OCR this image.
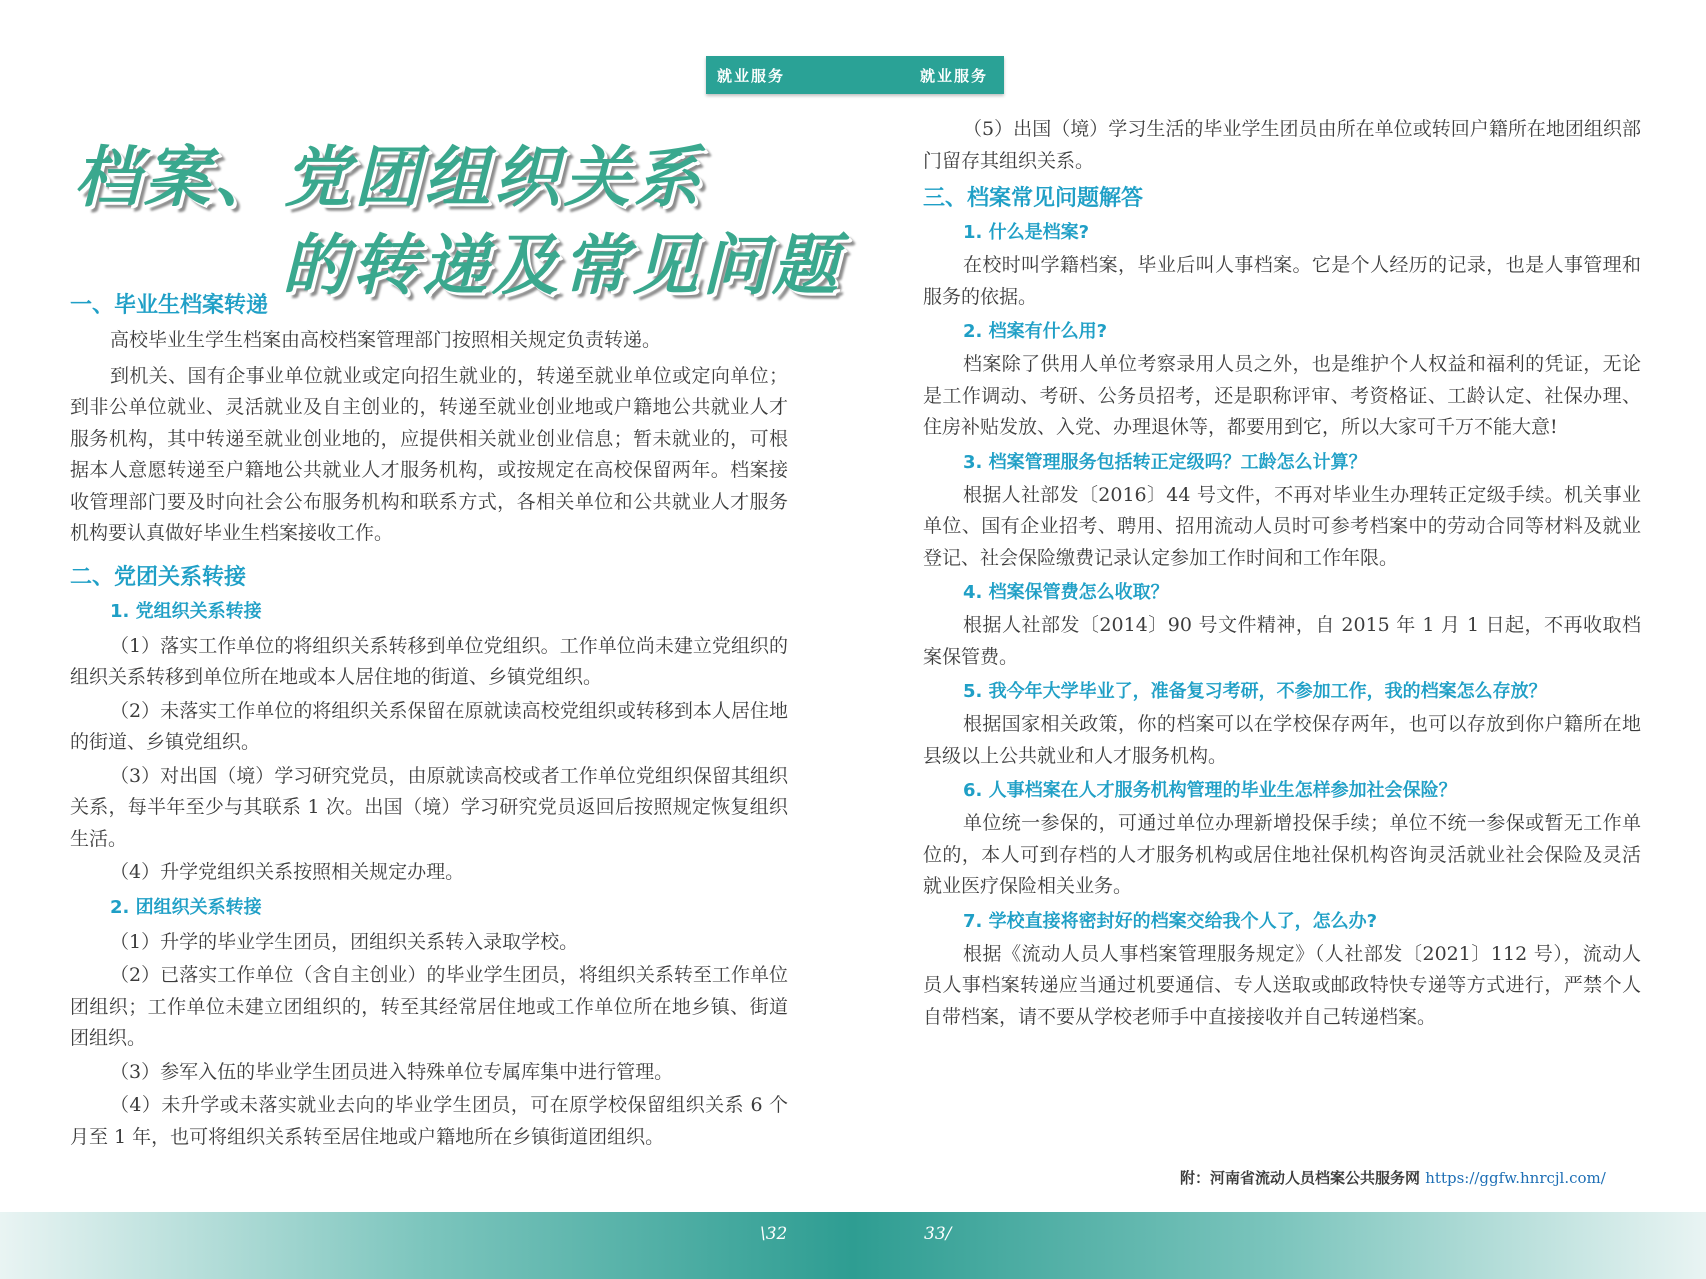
就业服务	就业服务
档案、党团组织关系
的转递及常见问题

一、毕业生档案转递

高校毕业生学生档案由高校档案管理部门按照相关规定负责转递。

到机关、国有企事业单位就业或定向招生就业的，转递至就业单位或定向单位；到非公单位就业、灵活就业及自主创业的，转递至就业创业地或户籍地公共就业人才服务机构，其中转递至就业创业地的，应提供相关就业创业信息；暂未就业的，可根据本人意愿转递至户籍地公共就业人才服务机构，或按规定在高校保留两年。档案接收管理部门要及时向社会公布服务机构和联系方式，各相关单位和公共就业人才服务机构要认真做好毕业生档案接收工作。

二、党团关系转接

1. 党组织关系转接

（1）落实工作单位的将组织关系转移到单位党组织。工作单位尚未建立党组织的组织关系转移到单位所在地或本人居住地的街道、乡镇党组织。

（2）未落实工作单位的将组织关系保留在原就读高校党组织或转移到本人居住地的街道、乡镇党组织。

（3）对出国（境）学习研究党员，由原就读高校或者工作单位党组织保留其组织关系，每半年至少与其联系 1 次。出国（境）学习研究党员返回后按照规定恢复组织生活。

（4）升学党组织关系按照相关规定办理。

2. 团组织关系转接

（1）升学的毕业学生团员，团组织关系转入录取学校。

（2）已落实工作单位（含自主创业）的毕业学生团员，将组织关系转至工作单位团组织；工作单位未建立团组织的，转至其经常居住地或工作单位所在地乡镇、街道团组织。

（3）参军入伍的毕业学生团员进入特殊单位专属库集中进行管理。

（4）未升学或未落实就业去向的毕业学生团员，可在原学校保留组织关系 6 个月至 1 年，也可将组织关系转至居住地或户籍地所在乡镇街道团组织。

（5）出国（境）学习生活的毕业学生团员由所在单位或转回户籍所在地团组织部门留存其组织关系。

三、档案常见问题解答

1. 什么是档案?

在校时叫学籍档案，毕业后叫人事档案。它是个人经历的记录，也是人事管理和服务的依据。

2. 档案有什么用?

档案除了供用人单位考察录用人员之外，也是维护个人权益和福利的凭证，无论是工作调动、考研、公务员招考，还是职称评审、考资格证、工龄认定、社保办理、住房补贴发放、入党、办理退休等，都要用到它，所以大家可千万不能大意!

3. 档案管理服务包括转正定级吗？工龄怎么计算？

根据人社部发〔2016〕44 号文件，不再对毕业生办理转正定级手续。机关事业单位、国有企业招考、聘用、招用流动人员时可参考档案中的劳动合同等材料及就业登记、社会保险缴费记录认定参加工作时间和工作年限。

4. 档案保管费怎么收取？

根据人社部发〔2014〕90 号文件精神，自 2015 年 1 月 1 日起，不再收取档案保管费。

5. 我今年大学毕业了，准备复习考研，不参加工作，我的档案怎么存放？

根据国家相关政策，你的档案可以在学校保存两年，也可以存放到你户籍所在地县级以上公共就业和人才服务机构。

6. 人事档案在人才服务机构管理的毕业生怎样参加社会保险？

单位统一参保的，可通过单位办理新增投保手续；单位不统一参保或暂无工作单位的，本人可到存档的人才服务机构或居住地社保机构咨询灵活就业社会保险及灵活就业医疗保险相关业务。

7. 学校直接将密封好的档案交给我个人了，怎么办?

根据《流动人员人事档案管理服务规定》（人社部发〔2021〕112 号），流动人员人事档案转递应当通过机要通信、专人送取或邮政特快专递等方式进行，严禁个人自带档案，请不要从学校老师手中直接接收并自己转递档案。

附：河南省流动人员档案公共服务网 https://ggfw.hnrcjl.com/
\32	33/
